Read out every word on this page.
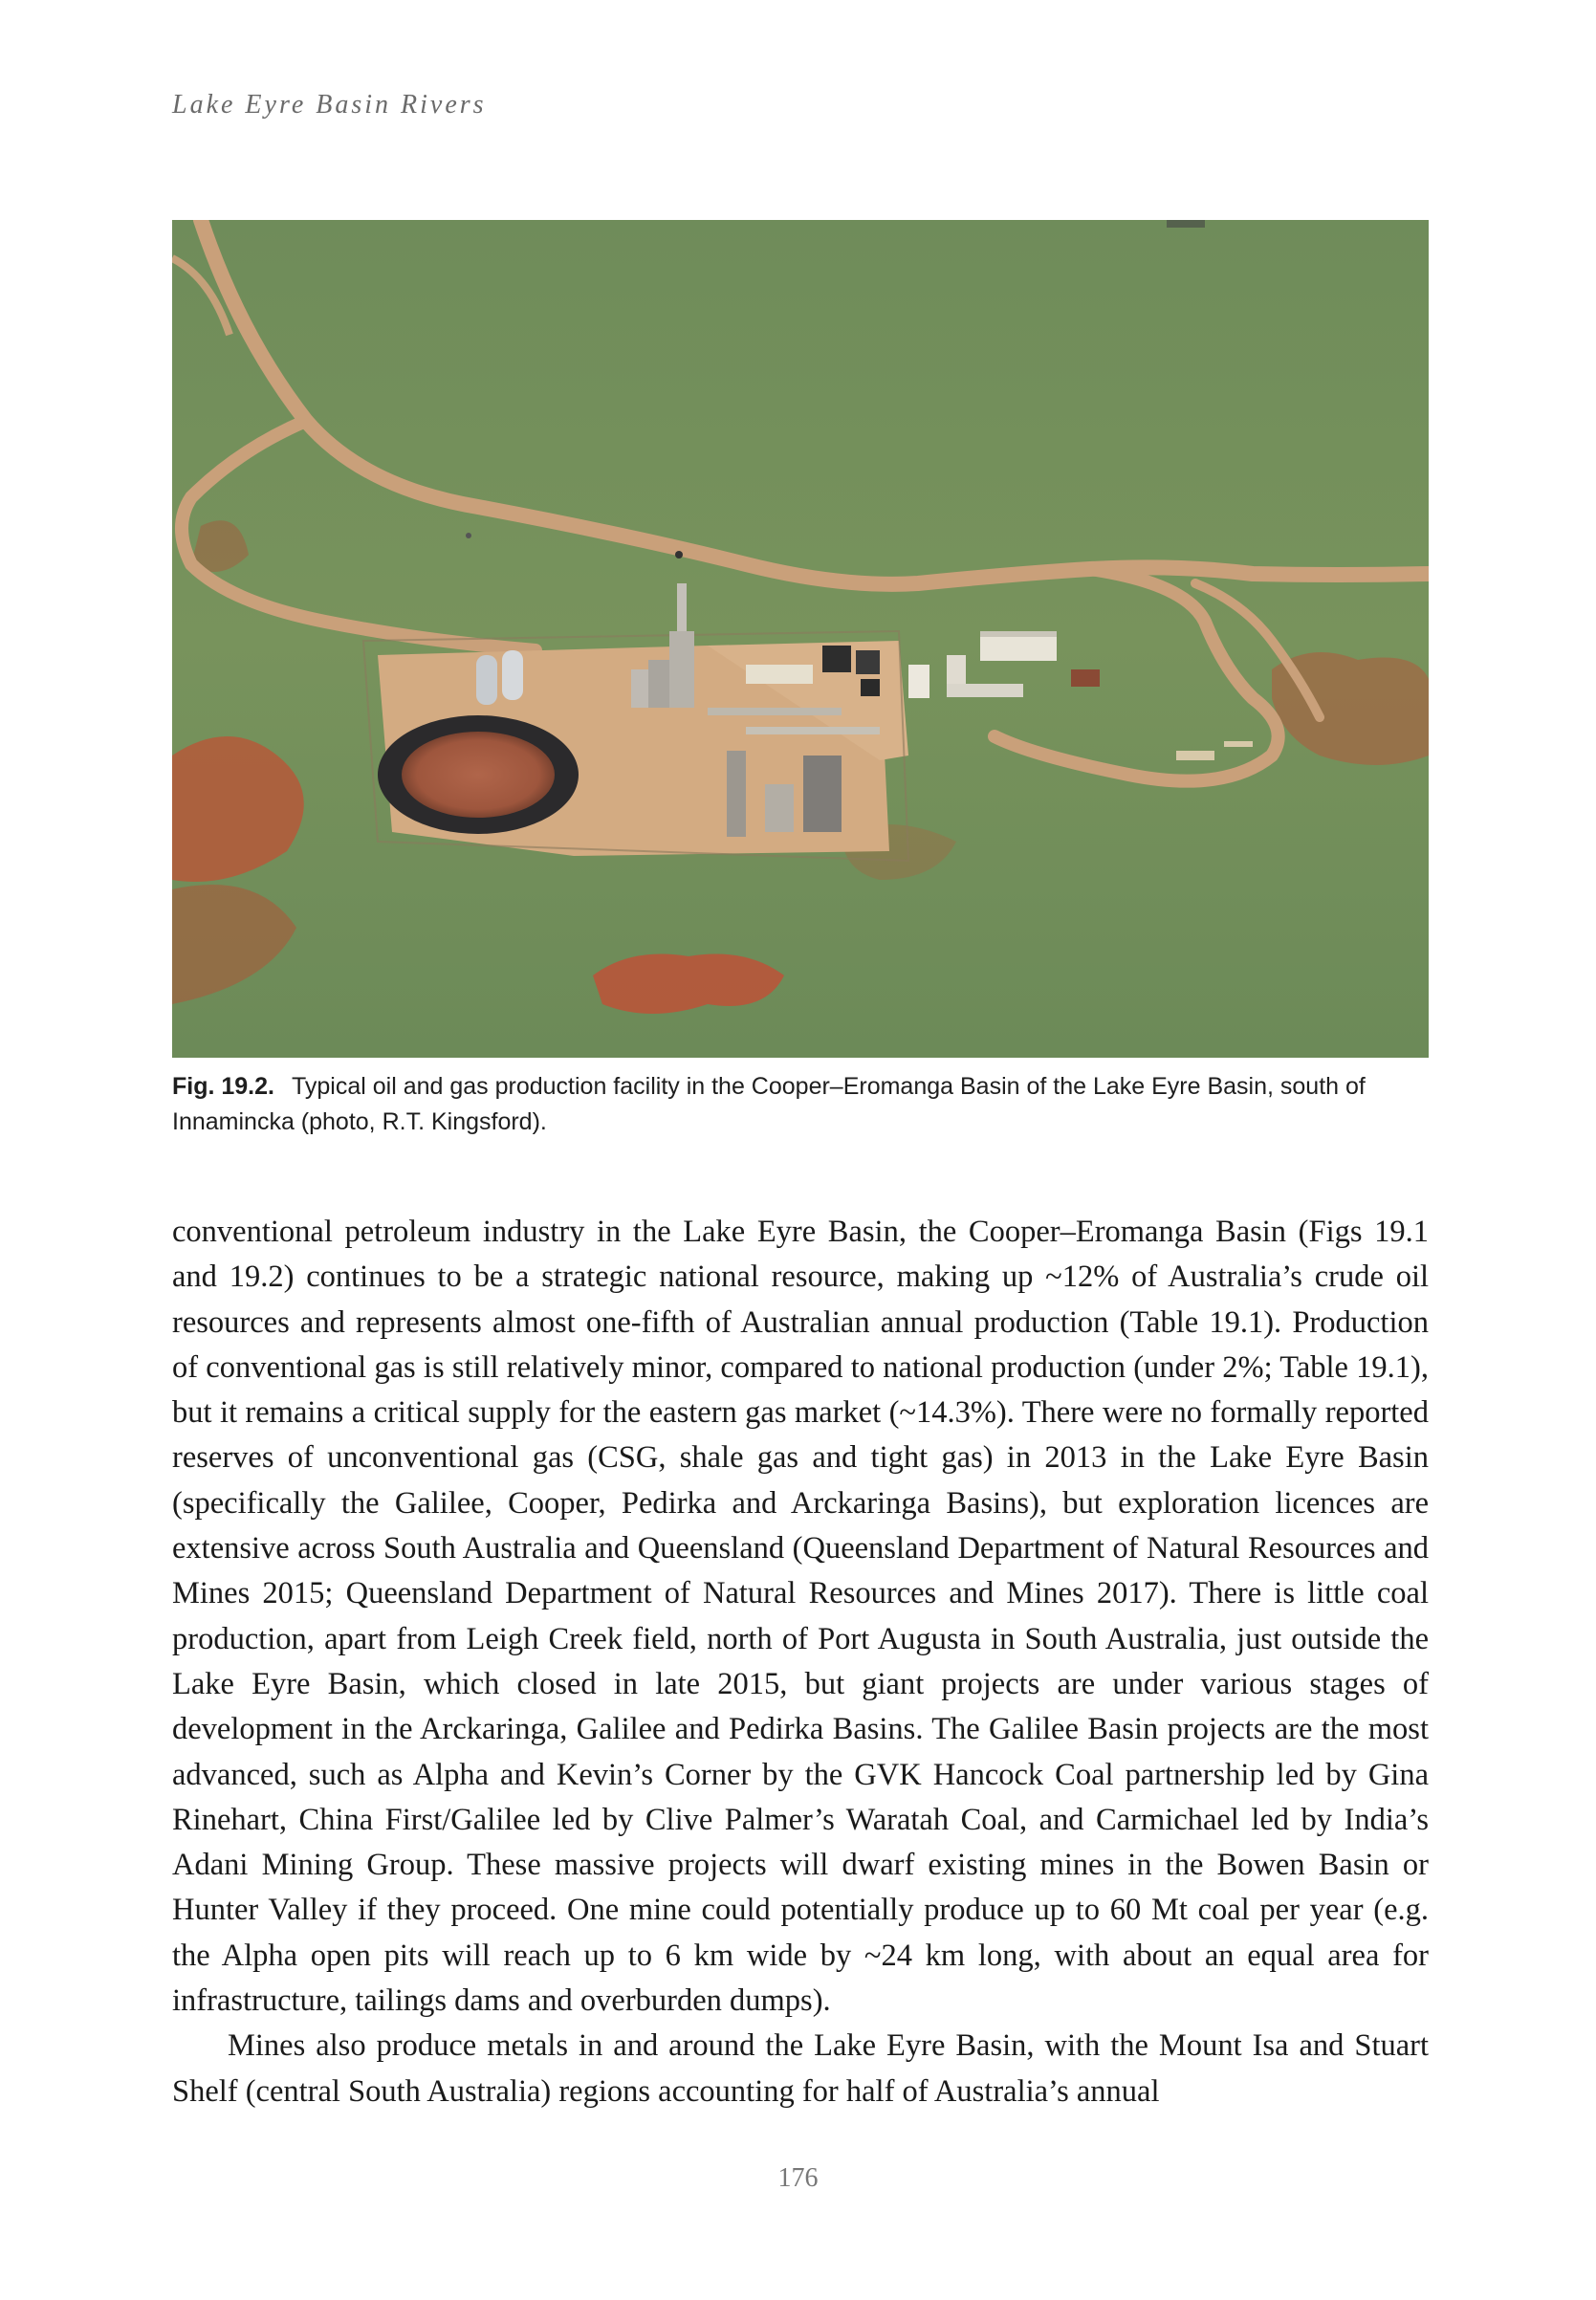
Lake Eyre Basin Rivers
Fig. 19.2. Typical oil and gas production facility in the Cooper–Eromanga Basin of the Lake Eyre Basin, south of Innamincka (photo, R.T. Kingsford).

conventional petroleum industry in the Lake Eyre Basin, the Cooper–Eromanga Basin (Figs 19.1 and 19.2) continues to be a strategic national resource, making up ~12% of Australia’s crude oil resources and represents almost one-fifth of Australian annual production (Table 19.1). Production of conventional gas is still relatively minor, compared to national production (under 2%; Table 19.1), but it remains a critical supply for the eastern gas market (~14.3%). There were no formally reported reserves of unconventional gas (CSG, shale gas and tight gas) in 2013 in the Lake Eyre Basin (specifically the Galilee, Cooper, Pedirka and Arckaringa Basins), but exploration licences are extensive across South Australia and Queensland (Queensland Department of Natural Resources and Mines 2015; Queensland Department of Natural Resources and Mines 2017). There is little coal production, apart from Leigh Creek field, north of Port Augusta in South Australia, just outside the Lake Eyre Basin, which closed in late 2015, but giant projects are under various stages of development in the Arckaringa, Galilee and Pedirka Basins. The Galilee Basin projects are the most advanced, such as Alpha and Kevin’s Corner by the GVK Hancock Coal partnership led by Gina Rinehart, China First/Galilee led by Clive Palmer’s Waratah Coal, and Carmichael led by India’s Adani Mining Group. These massive projects will dwarf existing mines in the Bowen Basin or Hunter Valley if they proceed. One mine could potentially produce up to 60 Mt coal per year (e.g. the Alpha open pits will reach up to 6 km wide by ~24 km long, with about an equal area for infrastructure, tailings dams and overburden dumps).

Mines also produce metals in and around the Lake Eyre Basin, with the Mount Isa and Stuart Shelf (central South Australia) regions accounting for half of Australia’s annual

176
